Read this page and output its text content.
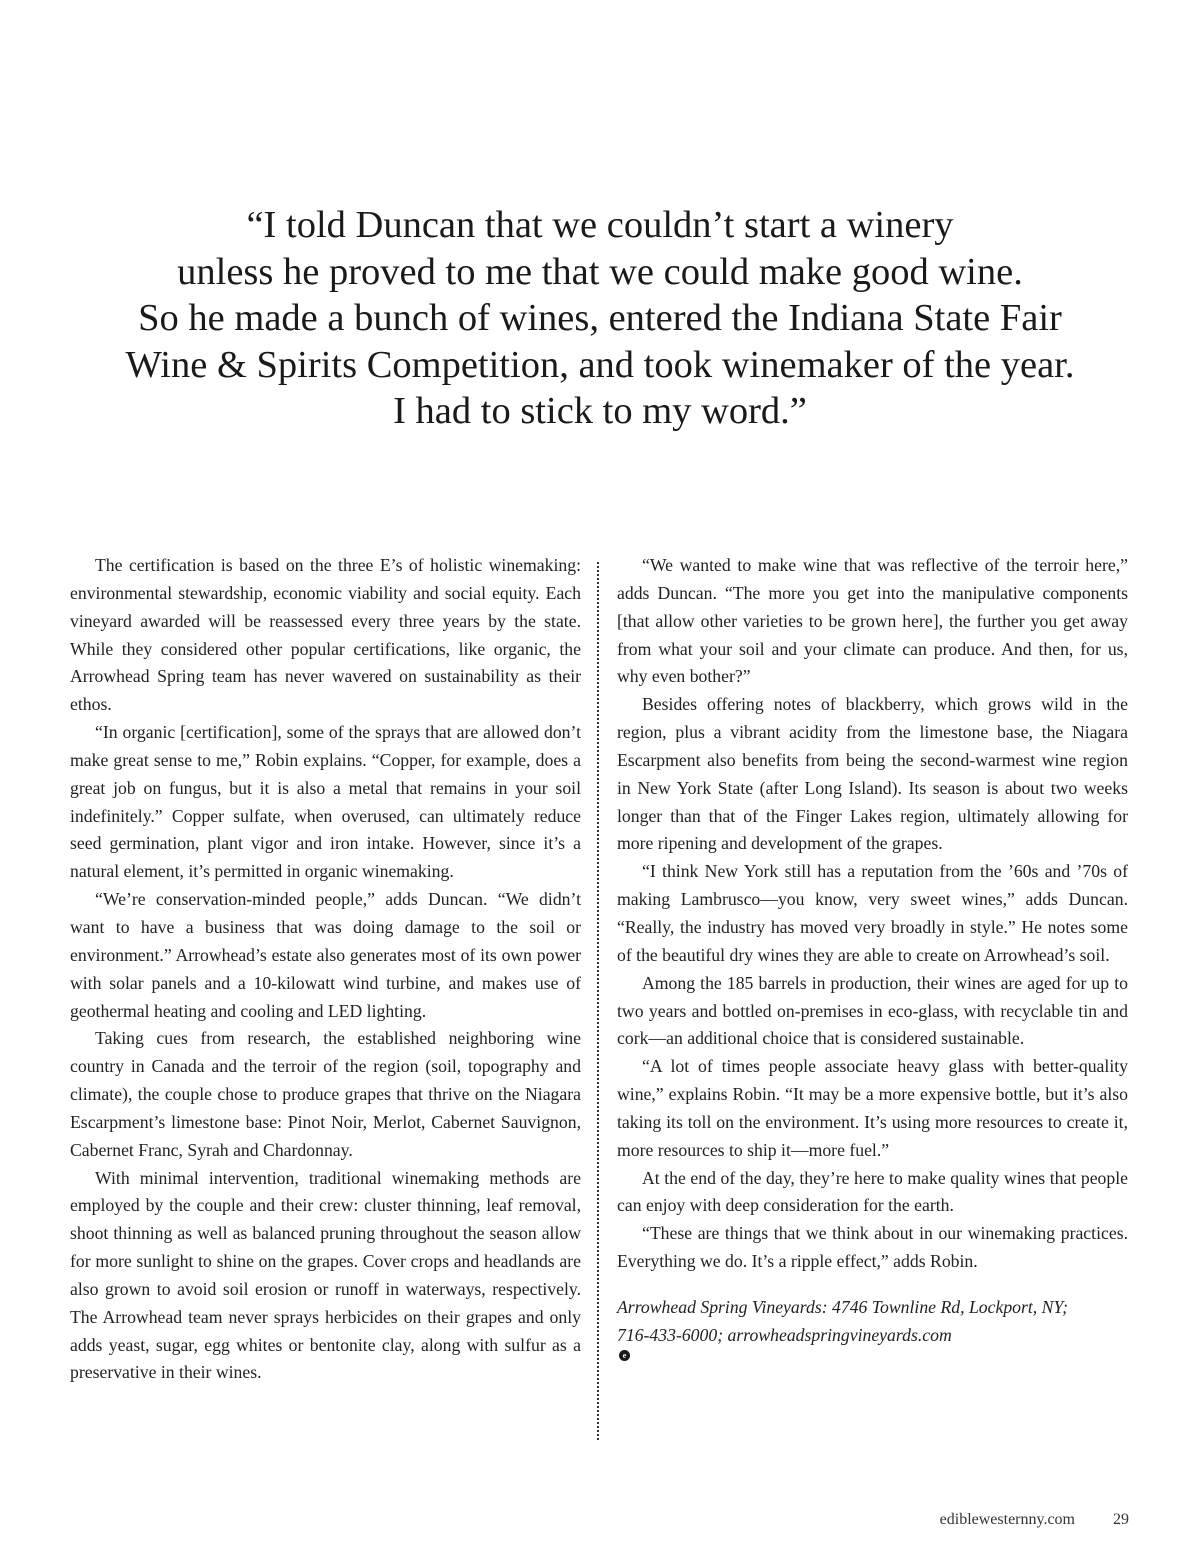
“I told Duncan that we couldn’t start a winery
unless he proved to me that we could make good wine.
So he made a bunch of wines, entered the Indiana State Fair
Wine & Spirits Competition, and took winemaker of the year.
I had to stick to my word.”

The certification is based on the three E’s of holistic winemaking: environmental stewardship, economic viability and social equity. Each vineyard awarded will be reassessed every three years by the state. While they considered other popular certifications, like organic, the Arrowhead Spring team has never wavered on sustainability as their ethos.

“In organic [certification], some of the sprays that are allowed don’t make great sense to me,” Robin explains. “Copper, for example, does a great job on fungus, but it is also a metal that remains in your soil indefinitely.” Copper sulfate, when overused, can ultimately reduce seed germination, plant vigor and iron intake. However, since it’s a natural element, it’s permitted in organic winemaking.

“We’re conservation-minded people,” adds Duncan. “We didn’t want to have a business that was doing damage to the soil or environment.” Arrowhead’s estate also generates most of its own power with solar panels and a 10-kilowatt wind turbine, and makes use of geothermal heating and cooling and LED lighting.

Taking cues from research, the established neighboring wine country in Canada and the terroir of the region (soil, topography and climate), the couple chose to produce grapes that thrive on the Niagara Escarpment’s limestone base: Pinot Noir, Merlot, Cabernet Sauvignon, Cabernet Franc, Syrah and Chardonnay.

With minimal intervention, traditional winemaking methods are employed by the couple and their crew: cluster thinning, leaf removal, shoot thinning as well as balanced pruning throughout the season allow for more sunlight to shine on the grapes. Cover crops and headlands are also grown to avoid soil erosion or runoff in waterways, respectively. The Arrowhead team never sprays herbicides on their grapes and only adds yeast, sugar, egg whites or bentonite clay, along with sulfur as a preservative in their wines.

“We wanted to make wine that was reflective of the terroir here,” adds Duncan. “The more you get into the manipulative components [that allow other varieties to be grown here], the further you get away from what your soil and your climate can produce. And then, for us, why even bother?”

Besides offering notes of blackberry, which grows wild in the region, plus a vibrant acidity from the limestone base, the Niagara Escarpment also benefits from being the second-warmest wine region in New York State (after Long Island). Its season is about two weeks longer than that of the Finger Lakes region, ultimately allowing for more ripening and development of the grapes.

“I think New York still has a reputation from the ’60s and ’70s of making Lambrusco—you know, very sweet wines,” adds Duncan. “Really, the industry has moved very broadly in style.” He notes some of the beautiful dry wines they are able to create on Arrowhead’s soil.

Among the 185 barrels in production, their wines are aged for up to two years and bottled on-premises in eco-glass, with recyclable tin and cork—an additional choice that is considered sustainable.

“A lot of times people associate heavy glass with better-quality wine,” explains Robin. “It may be a more expensive bottle, but it’s also taking its toll on the environment. It’s using more resources to create it, more resources to ship it—more fuel.”

At the end of the day, they’re here to make quality wines that people can enjoy with deep consideration for the earth.

“These are things that we think about in our winemaking practices. Everything we do. It’s a ripple effect,” adds Robin.

Arrowhead Spring Vineyards: 4746 Townline Rd, Lockport, NY;
716-433-6000; arrowheadspringvineyards.com
e
ediblewesternny.com 29
